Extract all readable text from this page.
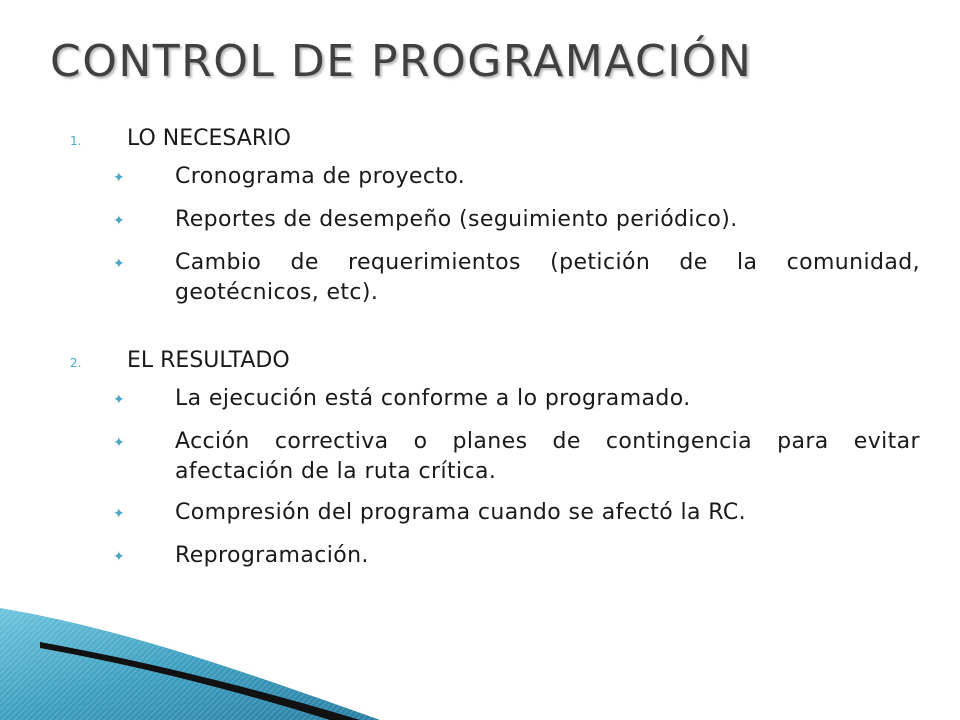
CONTROL DE PROGRAMACIÓN
1.	LO NECESARIO
✦	Cronograma de proyecto.
✦	Reportes de desempeño (seguimiento periódico).
✦	Cambio de requerimientos (petición de la comunidad, geotécnicos, etc).
2.	EL RESULTADO
✦	La ejecución está conforme a lo programado.
✦	Acción correctiva o planes de contingencia para evitar afectación de la ruta crítica.
✦	Compresión del programa cuando se afectó la RC.
✦	Reprogramación.
